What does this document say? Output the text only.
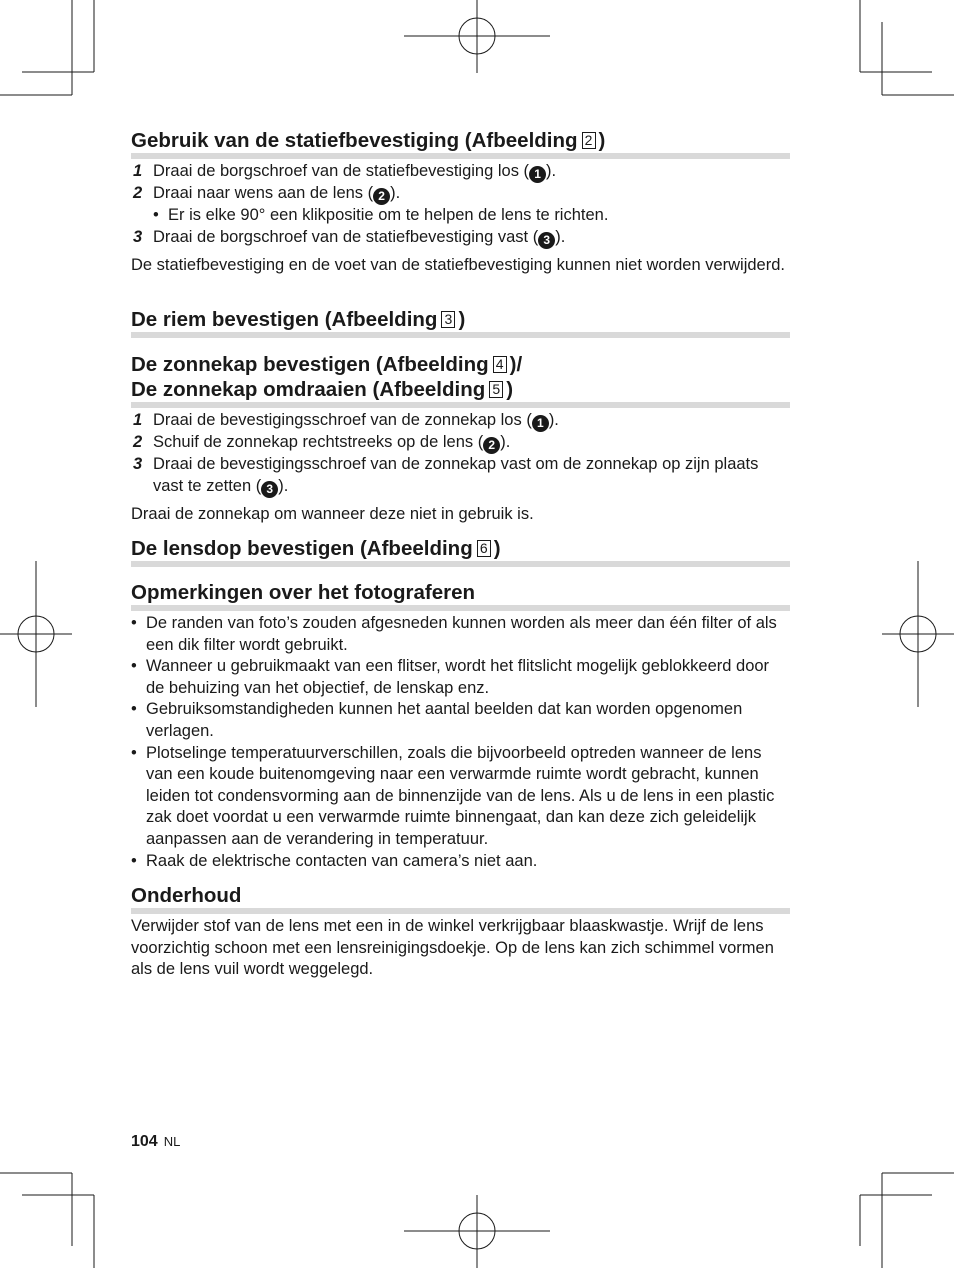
Gebruik van de statiefbevestiging (Afbeelding 2 )
1 Draai de borgschroef van de statiefbevestiging los ( 1 ).
2 Draai naar wens aan de lens ( 2 ).
• Er is elke 90° een klikpositie om te helpen de lens te richten.
3 Draai de borgschroef van de statiefbevestiging vast ( 3 ).
De statiefbevestiging en de voet van de statiefbevestiging kunnen niet worden verwijderd.
De riem bevestigen (Afbeelding 3 )
De zonnekap bevestigen (Afbeelding 4 )/
De zonnekap omdraaien (Afbeelding 5 )
1 Draai de bevestigingsschroef van de zonnekap los ( 1 ).
2 Schuif de zonnekap rechtstreeks op de lens ( 2 ).
3 Draai de bevestigingsschroef van de zonnekap vast om de zonnekap op zijn plaats vast te zetten ( 3 ).
Draai de zonnekap om wanneer deze niet in gebruik is.
De lensdop bevestigen (Afbeelding 6 )
Opmerkingen over het fotograferen
• De randen van foto’s zouden afgesneden kunnen worden als meer dan één filter of als een dik filter wordt gebruikt.
• Wanneer u gebruikmaakt van een flitser, wordt het flitslicht mogelijk geblokkeerd door de behuizing van het objectief, de lenskap enz.
• Gebruiksomstandigheden kunnen het aantal beelden dat kan worden opgenomen verlagen.
• Plotselinge temperatuurverschillen, zoals die bijvoorbeeld optreden wanneer de lens van een koude buitenomgeving naar een verwarmde ruimte wordt gebracht, kunnen leiden tot condensvorming aan de binnenzijde van de lens. Als u de lens in een plastic zak doet voordat u een verwarmde ruimte binnengaat, dan kan deze zich geleidelijk aanpassen aan de verandering in temperatuur.
• Raak de elektrische contacten van camera’s niet aan.
Onderhoud
Verwijder stof van de lens met een in de winkel verkrijgbaar blaaskwastje. Wrijf de lens voorzichtig schoon met een lensreinigingsdoekje. Op de lens kan zich schimmel vormen als de lens vuil wordt weggelegd.
104 NL
